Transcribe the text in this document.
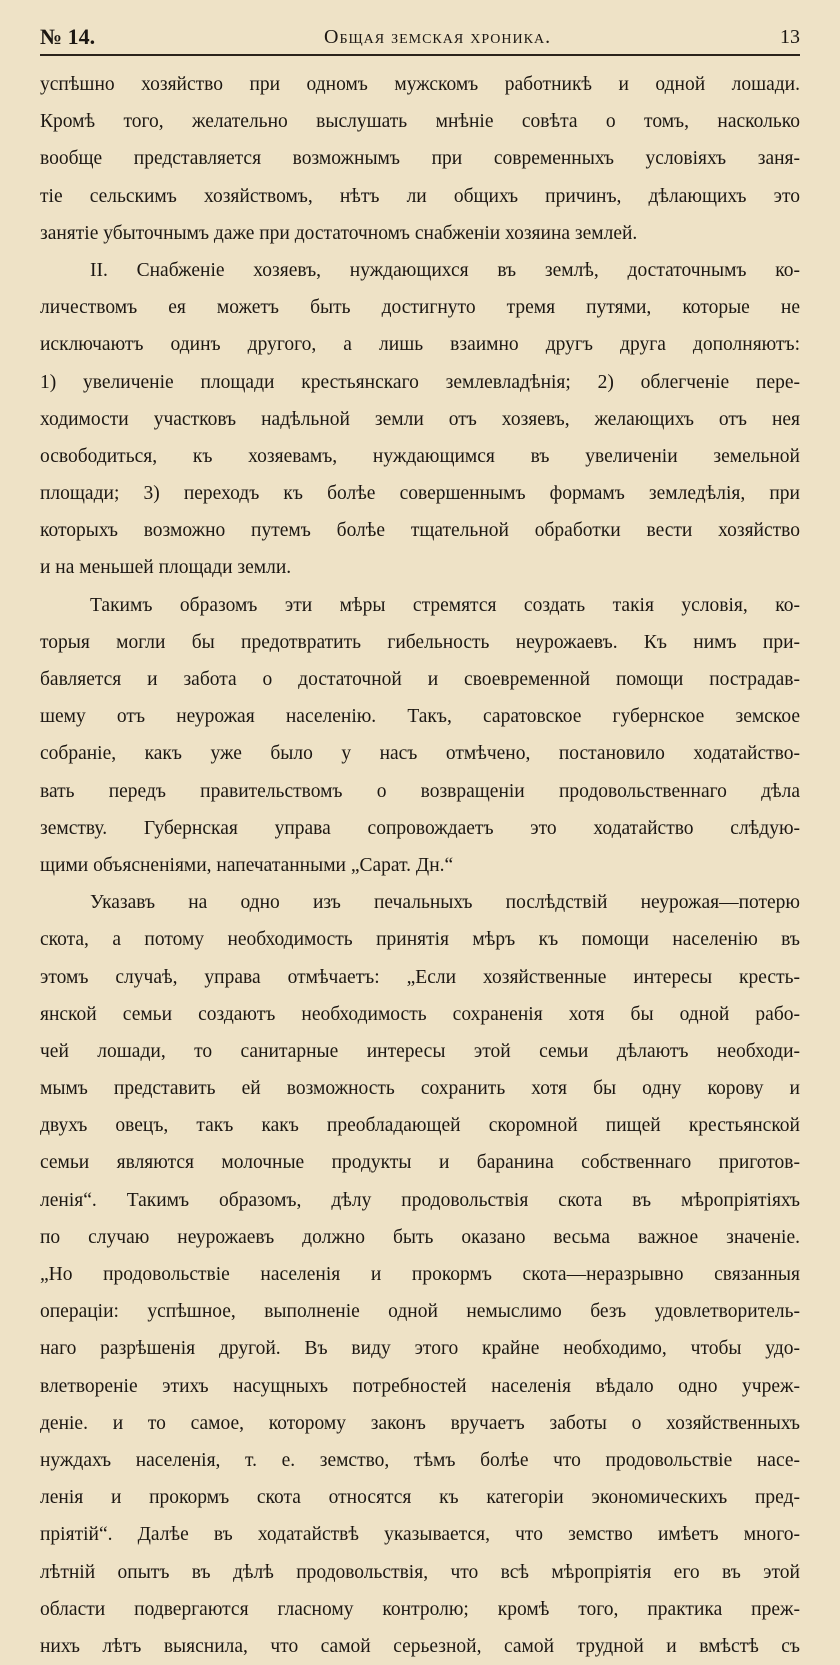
№ 14.	Общая земская хроника.	13
успѣшно хозяйство при одномъ мужскомъ работникѣ и одной лошади.
Кромѣ того, желательно выслушать мнѣніе совѣта о томъ, насколько
вообще представляется возможнымъ при современныхъ условіяхъ заня-
тіе сельскимъ хозяйствомъ, нѣтъ ли общихъ причинъ, дѣлающихъ это
занятіе убыточнымъ даже при достаточномъ снабженіи хозяина землей.
II. Снабженіе хозяевъ, нуждающихся въ землѣ, достаточнымъ ко-
личествомъ ея можетъ быть достигнуто тремя путями, которые не
исключаютъ одинъ другого, а лишь взаимно другъ друга дополняютъ:
1) увеличеніе площади крестьянскаго землевладѣнія; 2) облегченіе пере-
ходимости участковъ надѣльной земли отъ хозяевъ, желающихъ отъ нея
освободиться, къ хозяевамъ, нуждающимся въ увеличеніи земельной
площади; 3) переходъ къ болѣе совершеннымъ формамъ земледѣлія, при
которыхъ возможно путемъ болѣе тщательной обработки вести хозяйство
и на меньшей площади земли.
Такимъ образомъ эти мѣры стремятся создать такія условія, ко-
торыя могли бы предотвратить гибельность неурожаевъ. Къ нимъ при-
бавляется и забота о достаточной и своевременной помощи пострадав-
шему отъ неурожая населенію. Такъ, саратовское губернское земское
собраніе, какъ уже было у насъ отмѣчено, постановило ходатайство-
вать передъ правительствомъ о возвращеніи продовольственнаго дѣла
земству. Губернская управа сопровождаетъ это ходатайство слѣдую-
щими объясненіями, напечатанными „Сарат. Дн.“
Указавъ на одно изъ печальныхъ послѣдствій неурожая—потерю
скота, а потому необходимость принятія мѣръ къ помощи населенію въ
этомъ случаѣ, управа отмѣчаетъ: „Если хозяйственные интересы кресть-
янской семьи создаютъ необходимость сохраненія хотя бы одной рабо-
чей лошади, то санитарные интересы этой семьи дѣлаютъ необходи-
мымъ представить ей возможность сохранить хотя бы одну корову и
двухъ овецъ, такъ какъ преобладающей скоромной пищей крестьянской
семьи являются молочные продукты и баранина собственнаго приготов-
ленія“. Такимъ образомъ, дѣлу продовольствія скота въ мѣропріятіяхъ
по случаю неурожаевъ должно быть оказано весьма важное значеніе.
„Но продовольствіе населенія и прокормъ скота—неразрывно связанныя
операціи: успѣшное, выполненіе одной немыслимо безъ удовлетворитель-
наго разрѣшенія другой. Въ виду этого крайне необходимо, чтобы удо-
влетвореніе этихъ насущныхъ потребностей населенія вѣдало одно учреж-
деніе. и то самое, которому законъ вручаетъ заботы о хозяйственныхъ
нуждахъ населенія, т. е. земство, тѣмъ болѣе что продовольствіе насе-
ленія и прокормъ скота относятся къ категоріи экономическихъ пред-
пріятій“. Далѣе въ ходатайствѣ указывается, что земство имѣетъ много-
лѣтній опытъ въ дѣлѣ продовольствія, что всѣ мѣропріятія его въ этой
области подвергаются гласному контролю; кромѣ того, практика преж-
нихъ лѣтъ выяснила, что самой серьезной, самой трудной и вмѣстѣ съ
